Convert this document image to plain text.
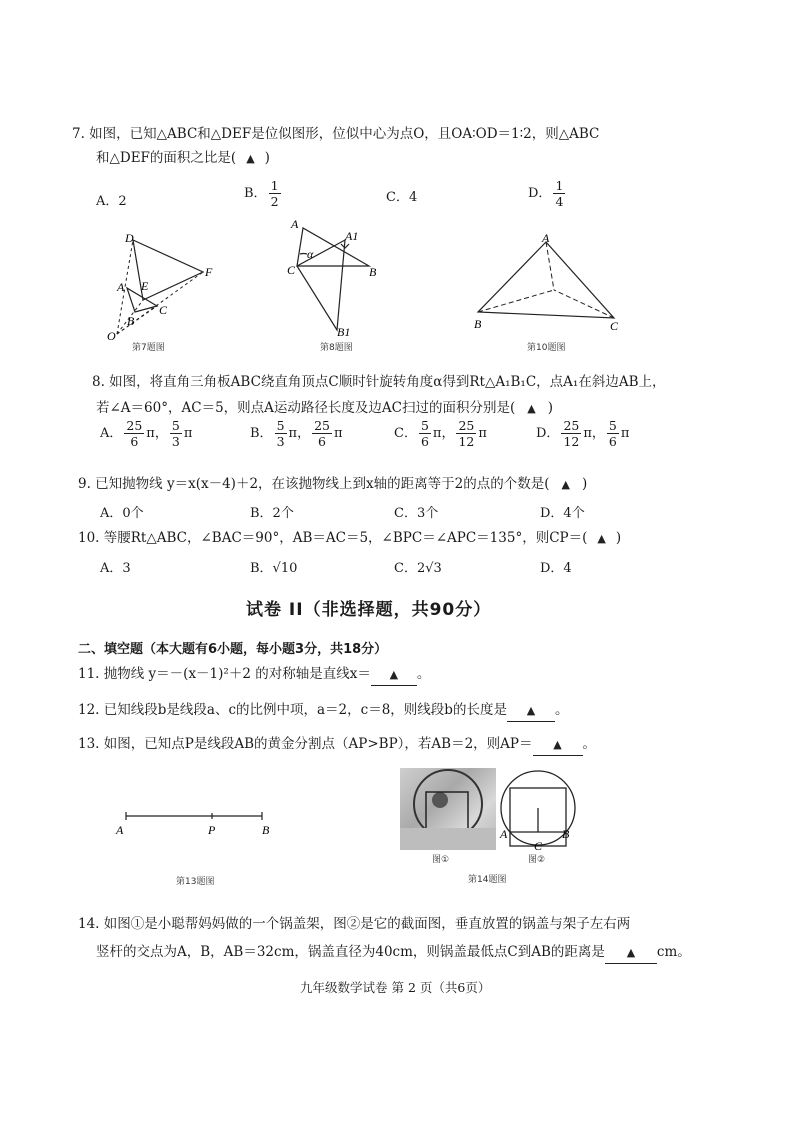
7. 如图，已知△ABC和△DEF是位似图形，位似中心为点O，且OA∶OD＝1∶2，则△ABC
和△DEF的面积之比是( ▲ )
A．2
B． $\frac{1}{2}$	C．4	D． $\frac{1}{4}$
D
F
E
A
B
C
O
第7题图
A
A1
α
C	B
B1
第8题图
A
B	C
第10题图
8. 如图，将直角三角板ABC绕直角顶点C顺时针旋转角度α得到Rt△A₁B₁C，点A₁在斜边AB上，
若∠A＝60°，AC＝5，则点A运动路径长度及边AC扫过的面积分别是( ▲ )
A． $\frac{25}{6}$ π， $\frac{5}{3}$ π	B． $\frac{5}{3}$ π， $\frac{25}{6}$ π	C． $\frac{5}{6}$ π， $\frac{25}{12}$ π	D． $\frac{25}{12}$ π， $\frac{5}{6}$ π
9. 已知抛物线 y＝x(x－4)＋2，在该抛物线上到x轴的距离等于2的点的个数是( ▲ )
A．0个	B．2个	C．3个	D．4个
10. 等腰Rt△ABC，∠BAC＝90°，AB＝AC＝5，∠BPC＝∠APC＝135°，则CP＝( ▲ )
A．3	B．√10	C．2√3	D．4
试卷 II（非选择题，共90分）
二、填空题（本大题有6小题，每小题3分，共18分）
11. 抛物线 y＝－(x－1)²＋2 的对称轴是直线x＝ ▲ 。
12. 已知线段b是线段a、c的比例中项，a＝2，c＝8，则线段b的长度是 ▲ 。
13. 如图，已知点P是线段AB的黄金分割点（AP>BP），若AB＝2，则AP＝ ▲ 。
A	P	B
第13题图
图①
A	B
C
图②
第14题图
14. 如图①是小聪帮妈妈做的一个锅盖架，图②是它的截面图，垂直放置的锅盖与架子左右两
竖杆的交点为A，B，AB＝32cm，锅盖直径为40cm，则锅盖最低点C到AB的距离是 ▲ cm。
九年级数学试卷 第 2 页（共6页）
